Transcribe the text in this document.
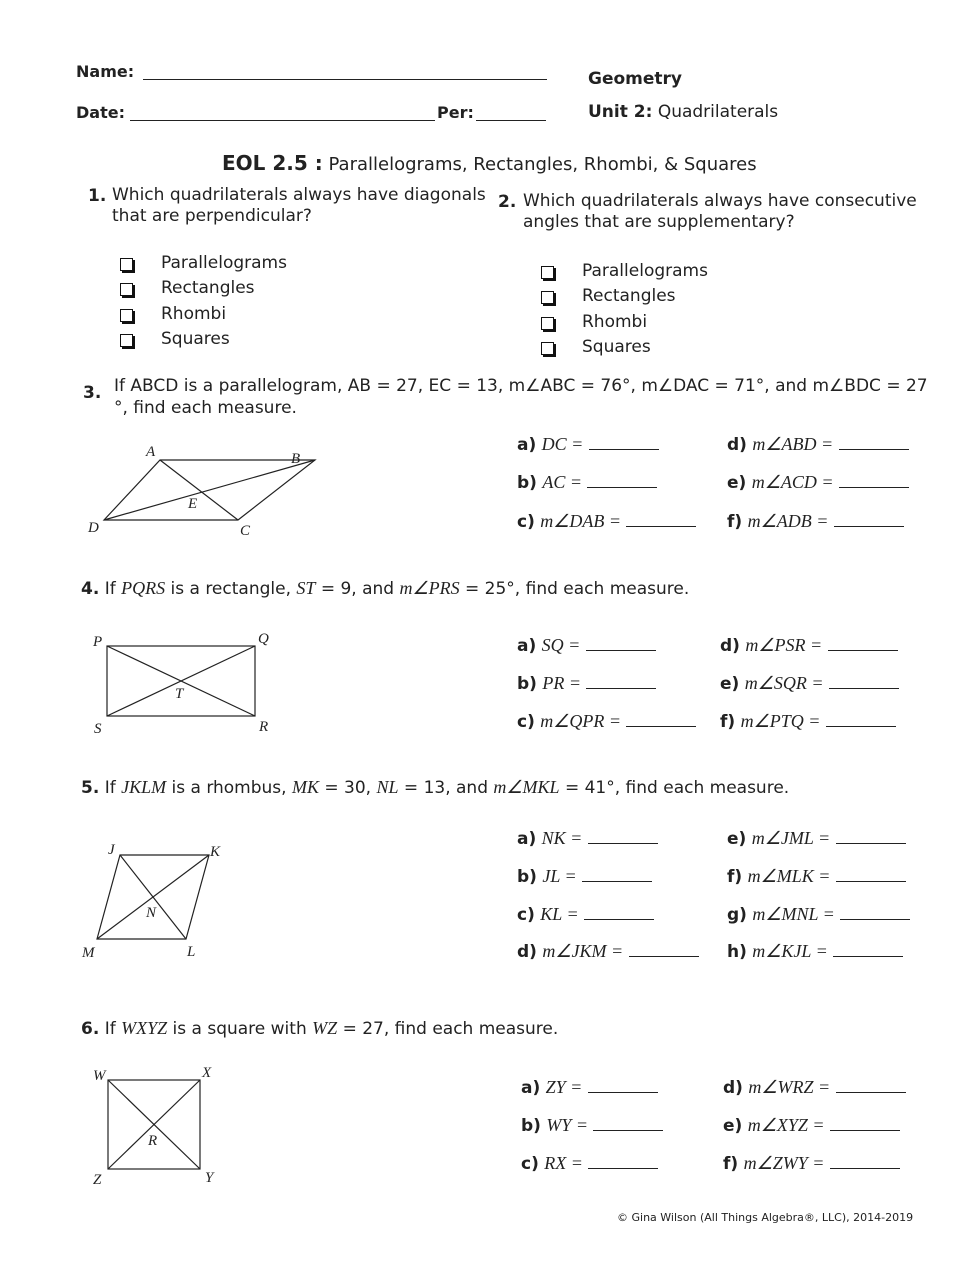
Name:
Date:	Per:
Geometry
Unit 2: Quadrilaterals
EOL 2.5 : Parallelograms, Rectangles, Rhombi, & Squares
1. Which quadrilaterals always have diagonals
that are perpendicular?
Parallelograms
Rectangles
Rhombi
Squares
2. Which quadrilaterals always have consecutive
angles that are supplementary?
Parallelograms
Rectangles
Rhombi
Squares
3. If ABCD is a parallelogram, AB = 27, EC = 13, m∠ABC = 76°, m∠DAC = 71°, and m∠BDC = 27
°, find each measure.
A	B
C
D
E
a) DC =
b) AC =
c) m∠DAB =
d) m∠ABD =
e) m∠ACD =
f) m∠ADB =
4. If PQRS is a rectangle, ST = 9, and m∠PRS = 25°, find each measure.
P	Q
R
S
T
a) SQ =
b) PR =
c) m∠QPR =
d) m∠PSR =
e) m∠SQR =
f) m∠PTQ =
5. If JKLM is a rhombus, MK = 30, NL = 13, and m∠MKL = 41°, find each measure.
J	K
L
M
N
a) NK =
b) JL =
c) KL =
d) m∠JKM =
e) m∠JML =
f) m∠MLK =
g) m∠MNL =
h) m∠KJL =
6. If WXYZ is a square with WZ = 27, find each measure.
W	X
Y
Z
R
a) ZY =
b) WY =
c) RX =
d) m∠WRZ =
e) m∠XYZ =
f) m∠ZWY =
© Gina Wilson (All Things Algebra®, LLC), 2014-2019
